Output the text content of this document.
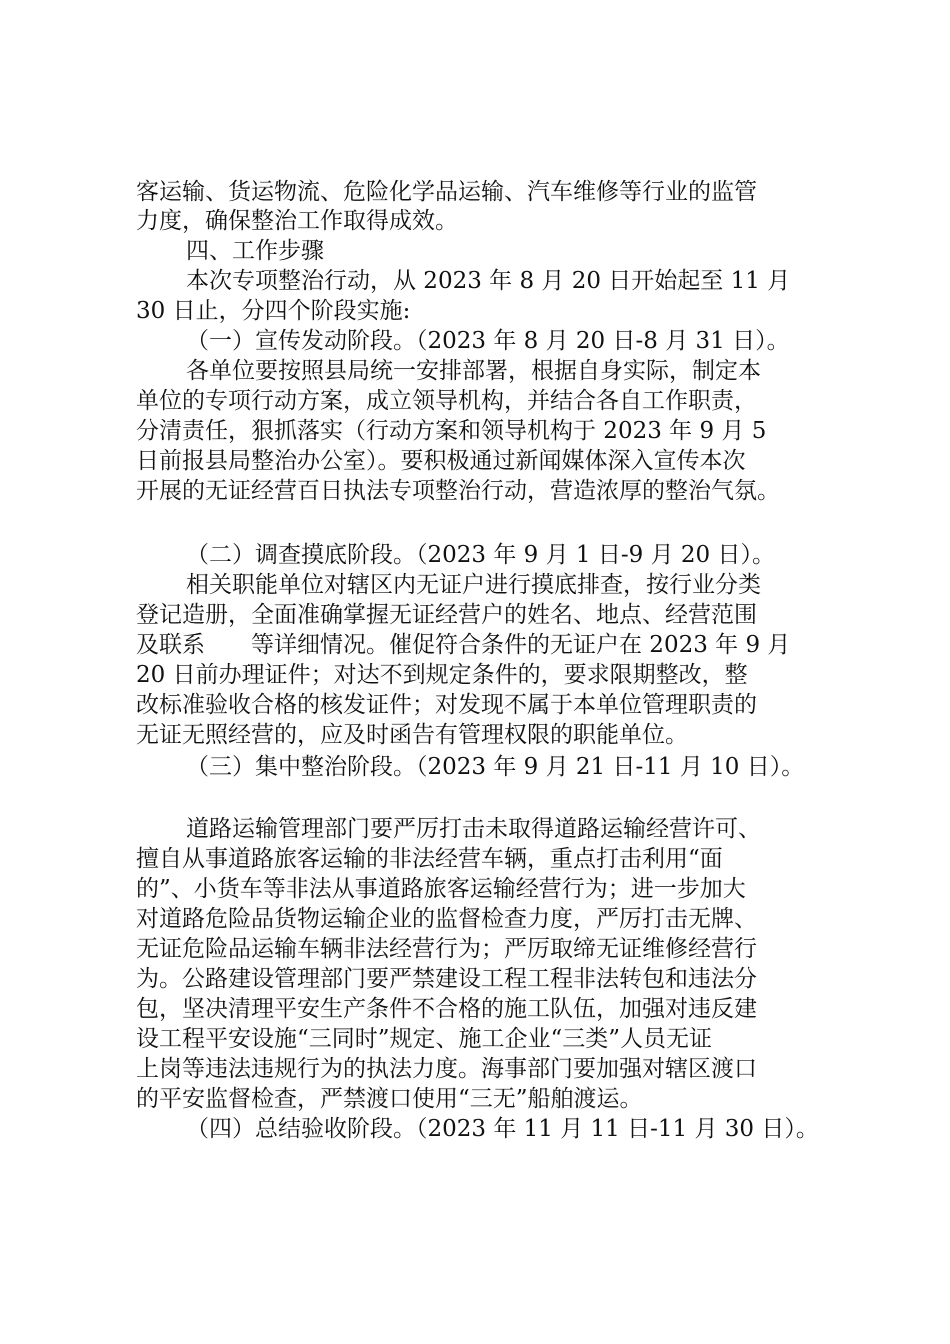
客运输、货运物流、危险化学品运输、汽车维修等行业的监管
力度，确保整治工作取得成效。
四、工作步骤
本次专项整治行动，从 2023 年 8 月 20 日开始起至 11 月
30 日止，分四个阶段实施:
（一）宣传发动阶段。（2023 年 8 月 20 日-8 月 31 日）。
各单位要按照县局统一安排部署，根据自身实际，制定本
单位的专项行动方案，成立领导机构，并结合各自工作职责，
分清责任，狠抓落实（行动方案和领导机构于 2023 年 9 月 5
日前报县局整治办公室）。要积极通过新闻媒体深入宣传本次
开展的无证经营百日执法专项整治行动，营造浓厚的整治气氛。
（二）调查摸底阶段。（2023 年 9 月 1 日-9 月 20 日）。
相关职能单位对辖区内无证户进行摸底排查，按行业分类
登记造册，全面准确掌握无证经营户的姓名、地点、经营范围
及联系　　等详细情况。催促符合条件的无证户在 2023 年 9 月
20 日前办理证件；对达不到规定条件的，要求限期整改，整
改标准验收合格的核发证件；对发现不属于本单位管理职责的
无证无照经营的，应及时函告有管理权限的职能单位。
（三）集中整治阶段。（2023 年 9 月 21 日-11 月 10 日）。
道路运输管理部门要严厉打击未取得道路运输经营许可、
擅自从事道路旅客运输的非法经营车辆，重点打击利用“面
的”、小货车等非法从事道路旅客运输经营行为；进一步加大
对道路危险品货物运输企业的监督检查力度，严厉打击无牌、
无证危险品运输车辆非法经营行为；严厉取缔无证维修经营行
为。公路建设管理部门要严禁建设工程工程非法转包和违法分
包，坚决清理平安生产条件不合格的施工队伍，加强对违反建
设工程平安设施“三同时”规定、施工企业“三类”人员无证
上岗等违法违规行为的执法力度。海事部门要加强对辖区渡口
的平安监督检查，严禁渡口使用“三无”船舶渡运。
（四）总结验收阶段。（2023 年 11 月 11 日-11 月 30 日）。
